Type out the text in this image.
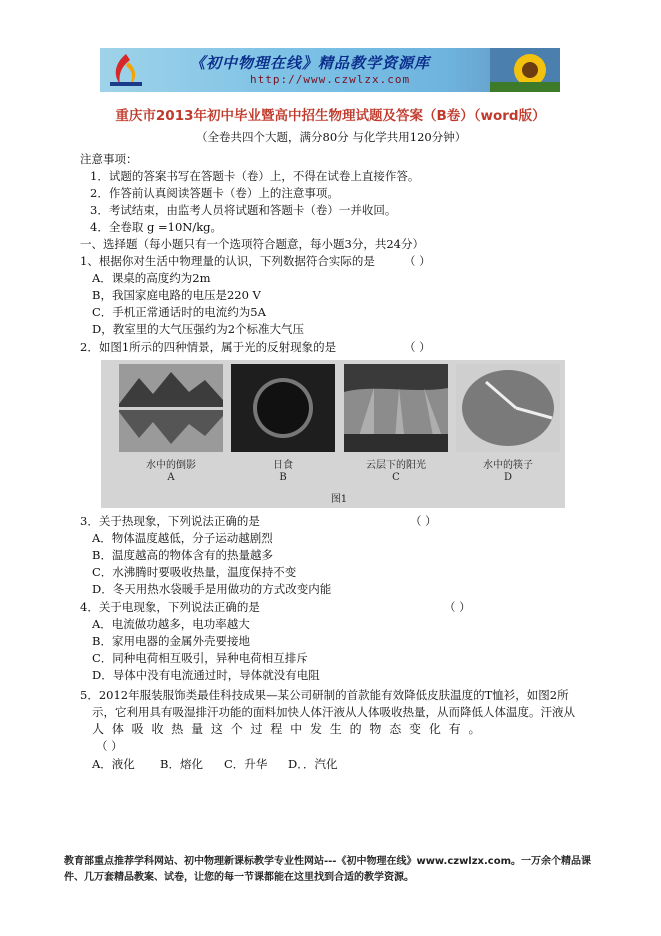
《初中物理在线》精品教学资源库
http://www.czwlzx.com
重庆市2013年初中毕业暨高中招生物理试题及答案（B卷）（word版）
（全卷共四个大题，满分80分 与化学共用120分钟）
注意事项：
1．试题的答案书写在答题卡（卷）上，不得在试卷上直接作答。
2．作答前认真阅读答题卡（卷）上的注意事项。
3．考试结束，由监考人员将试题和答题卡（卷）一并收回。
4．全卷取 g =10N/kg。
一、选择题（每小题只有一个选项符合题意，每小题3分，共24分）
1、根据你对生活中物理量的认识，下列数据符合实际的是	（ ）
A．课桌的高度约为2m
B，我国家庭电路的电压是220 V
C．手机正常通话时的电流约为5A
D，教室里的大气压强约为2个标准大气压
2．如图1所示的四种情景，属于光的反射现象的是	（ ）
水中的倒影
A
日食
B
云层下的阳光
C
水中的筷子
D
图1
3．关于热现象，下列说法正确的是	（ ）
A．物体温度越低，分子运动越剧烈
B．温度越高的物体含有的热量越多
C．水沸腾时要吸收热量，温度保持不变
D．冬天用热水袋暖手是用做功的方式改变内能
4．关于电现象，下列说法正确的是	（ ）
A．电流做功越多，电功率越大
B．家用电器的金属外壳要接地
C．同种电荷相互吸引，异种电荷相互排斥
D．导体中没有电流通过时，导体就没有电阻
5．2012年服装服饰类最佳科技成果—某公司研制的首款能有效降低皮肤温度的T恤衫，如图2所
示，它利用具有吸湿排汗功能的面料加快人体汗液从人体吸收热量，从而降低人体温度。汗液从
人 体 吸 收 热 量 这 个 过 程 中 发 生 的 物 态 变 化 有 。
（ ）
A．液化 B．熔化 C．升华 D．．汽化
教育部重点推荐学科网站、初中物理新课标教学专业性网站---《初中物理在线》www.czwlzx.com。一万余个精品课件、几万套精品教案、试卷，让您的每一节课都能在这里找到合适的教学资源。
